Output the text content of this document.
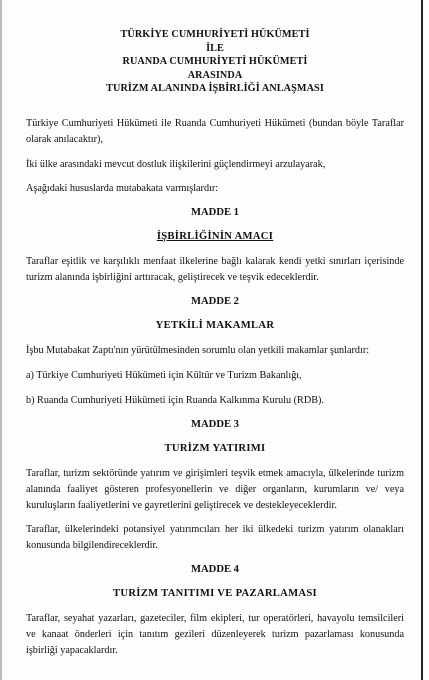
TÜRKİYE CUMHURİYETİ HÜKÜMETİ
İLE
RUANDA CUMHURİYETİ HÜKÜMETİ
ARASINDA
TURİZM ALANINDA İŞBİRLİĞİ ANLAŞMASI

Türkiye Cumhuriyeti Hükümeti ile Ruanda Cumhuriyeti Hükümeti (bundan böyle Taraflar olarak anılacaktır),

İki ülke arasındaki mevcut dostluk ilişkilerini güçlendirmeyi arzulayarak,

Aşağıdaki hususlarda mutabakata varmışlardır:

MADDE 1
İŞBİRLİĞİNİN AMACI

Taraflar eşitlik ve karşılıklı menfaat ilkelerine bağlı kalarak kendi yetki sınırları içerisinde turizm alanında işbirliğini arttıracak, geliştirecek ve teşvik edeceklerdir.

MADDE 2
YETKİLİ MAKAMLAR

İşbu Mutabakat Zaptı'nın yürütülmesinden sorumlu olan yetkili makamlar şunlardır:

a) Türkiye Cumhuriyeti Hükümeti için Kültür ve Turizm Bakanlığı,

b) Ruanda Cumhuriyeti Hükümeti için Ruanda Kalkınma Kurulu (RDB).

MADDE 3
TURİZM YATIRIMI

Taraflar, turizm sektöründe yatırım ve girişimleri teşvik etmek amacıyla, ülkelerinde turizm alanında faaliyet gösteren profesyonellerin ve diğer organların, kurumların ve/ veya kuruluşların faaliyetlerini ve gayretlerini geliştirecek ve destekleyeceklerdir.

Taraflar, ülkelerindeki potansiyel yatırımcıları her iki ülkedeki turizm yatırım olanakları konusunda bilgilendireceklerdir.

MADDE 4
TURİZM TANITIMI VE PAZARLAMASI

Taraflar, seyahat yazarları, gazeteciler, film ekipleri, tur operatörleri, havayolu temsilcileri ve kanaat önderleri için tanıtım gezileri düzenleyerek turizm pazarlaması konusunda işbirliği yapacaklardır.
